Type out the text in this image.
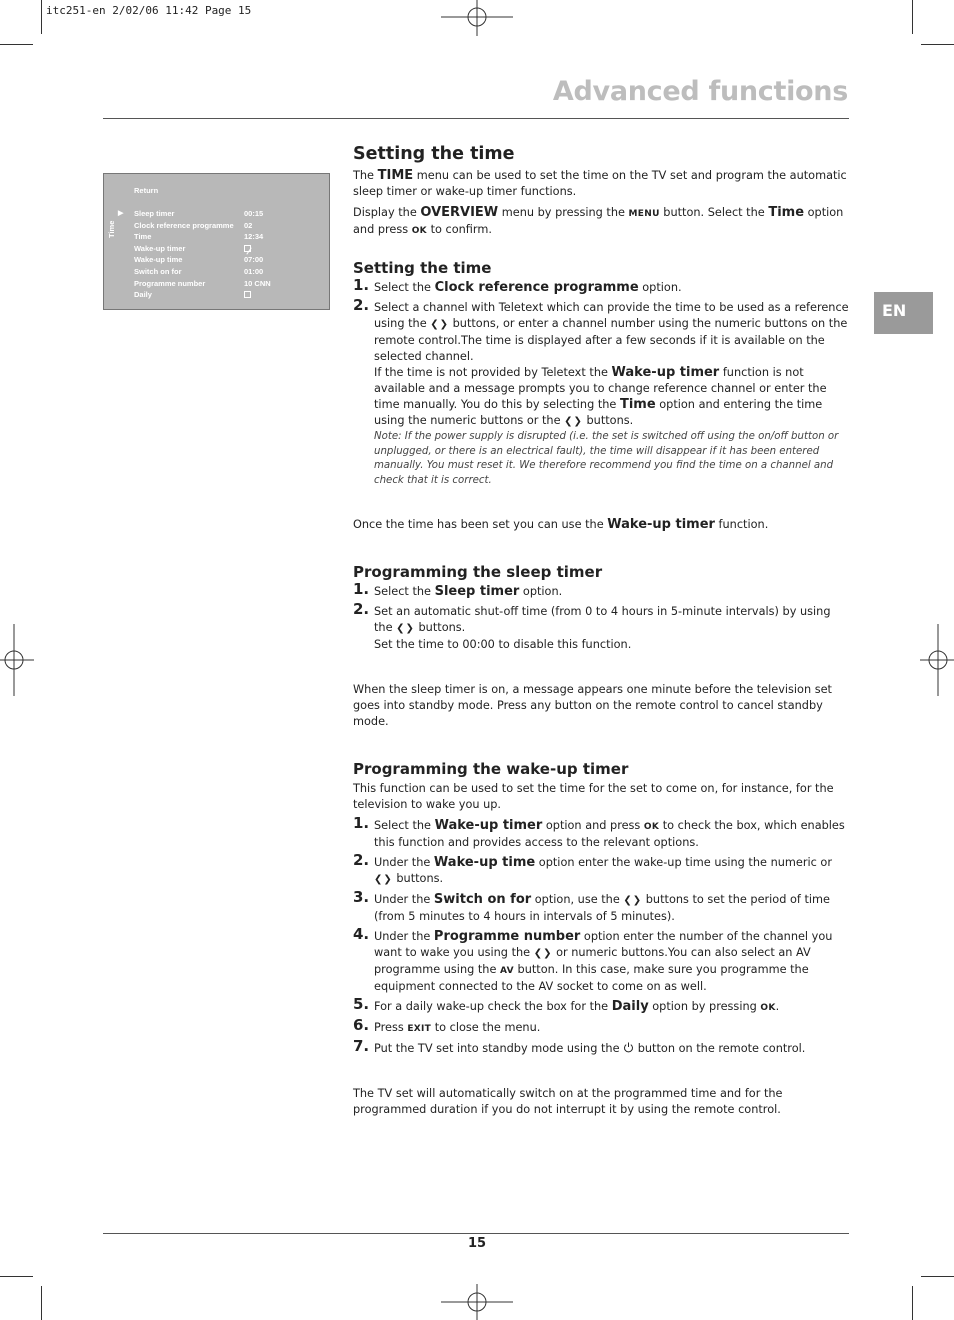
itc251-en 2/02/06 11:42 Page 15
Advanced functions
15
EN
Return
Time
▶ Sleep timer	00:15
Clock reference programme	02
Time	12:34
Wake-up timer
Wake-up time	07:00
Switch on for	01:00
Programme number	10 CNN
Daily
Setting the time

The TIME menu can be used to set the time on the TV set and program the automatic sleep timer or wake-up timer functions.

Display the OVERVIEW menu by pressing the MENU button. Select the Time option and press OK to confirm.

Setting the time
1. Select the Clock reference programme option.
2. Select a channel with Teletext which can provide the time to be used as a reference using the ❮❯ buttons, or enter a channel number using the numeric buttons on the remote control.The time is displayed after a few seconds if it is available on the selected channel.
If the time is not provided by Teletext the Wake-up timer function is not available and a message prompts you to change reference channel or enter the time manually. You do this by selecting the Time option and entering the time using the numeric buttons or the ❮❯ buttons.

Note: If the power supply is disrupted (i.e. the set is switched off using the on/off button or unplugged, or there is an electrical fault), the time will disappear if it has been entered manually. You must reset it. We therefore recommend you find the time on a channel and check that it is correct.

Once the time has been set you can use the Wake-up timer function.

Programming the sleep timer
1. Select the Sleep timer option.
2. Set an automatic shut-off time (from 0 to 4 hours in 5-minute intervals) by using the ❮❯ buttons.
Set the time to 00:00 to disable this function.

When the sleep timer is on, a message appears one minute before the television set goes into standby mode. Press any button on the remote control to cancel standby mode.

Programming the wake-up timer

This function can be used to set the time for the set to come on, for instance, for the television to wake you up.

1. Select the Wake-up timer option and press OK to check the box, which enables this function and provides access to the relevant options.
2. Under the Wake-up time option enter the wake-up time using the numeric or ❮❯ buttons.
3. Under the Switch on for option, use the ❮❯ buttons to set the period of time (from 5 minutes to 4 hours in intervals of 5 minutes).
4. Under the Programme number option enter the number of the channel you want to wake you using the ❮❯ or numeric buttons.You can also select an AV programme using the AV button. In this case, make sure you programme the equipment connected to the AV socket to come on as well.
5. For a daily wake-up check the box for the Daily option by pressing OK.
6. Press EXIT to close the menu.
7. Put the TV set into standby mode using the button on the remote control.

The TV set will automatically switch on at the programmed time and for the programmed duration if you do not interrupt it by using the remote control.
